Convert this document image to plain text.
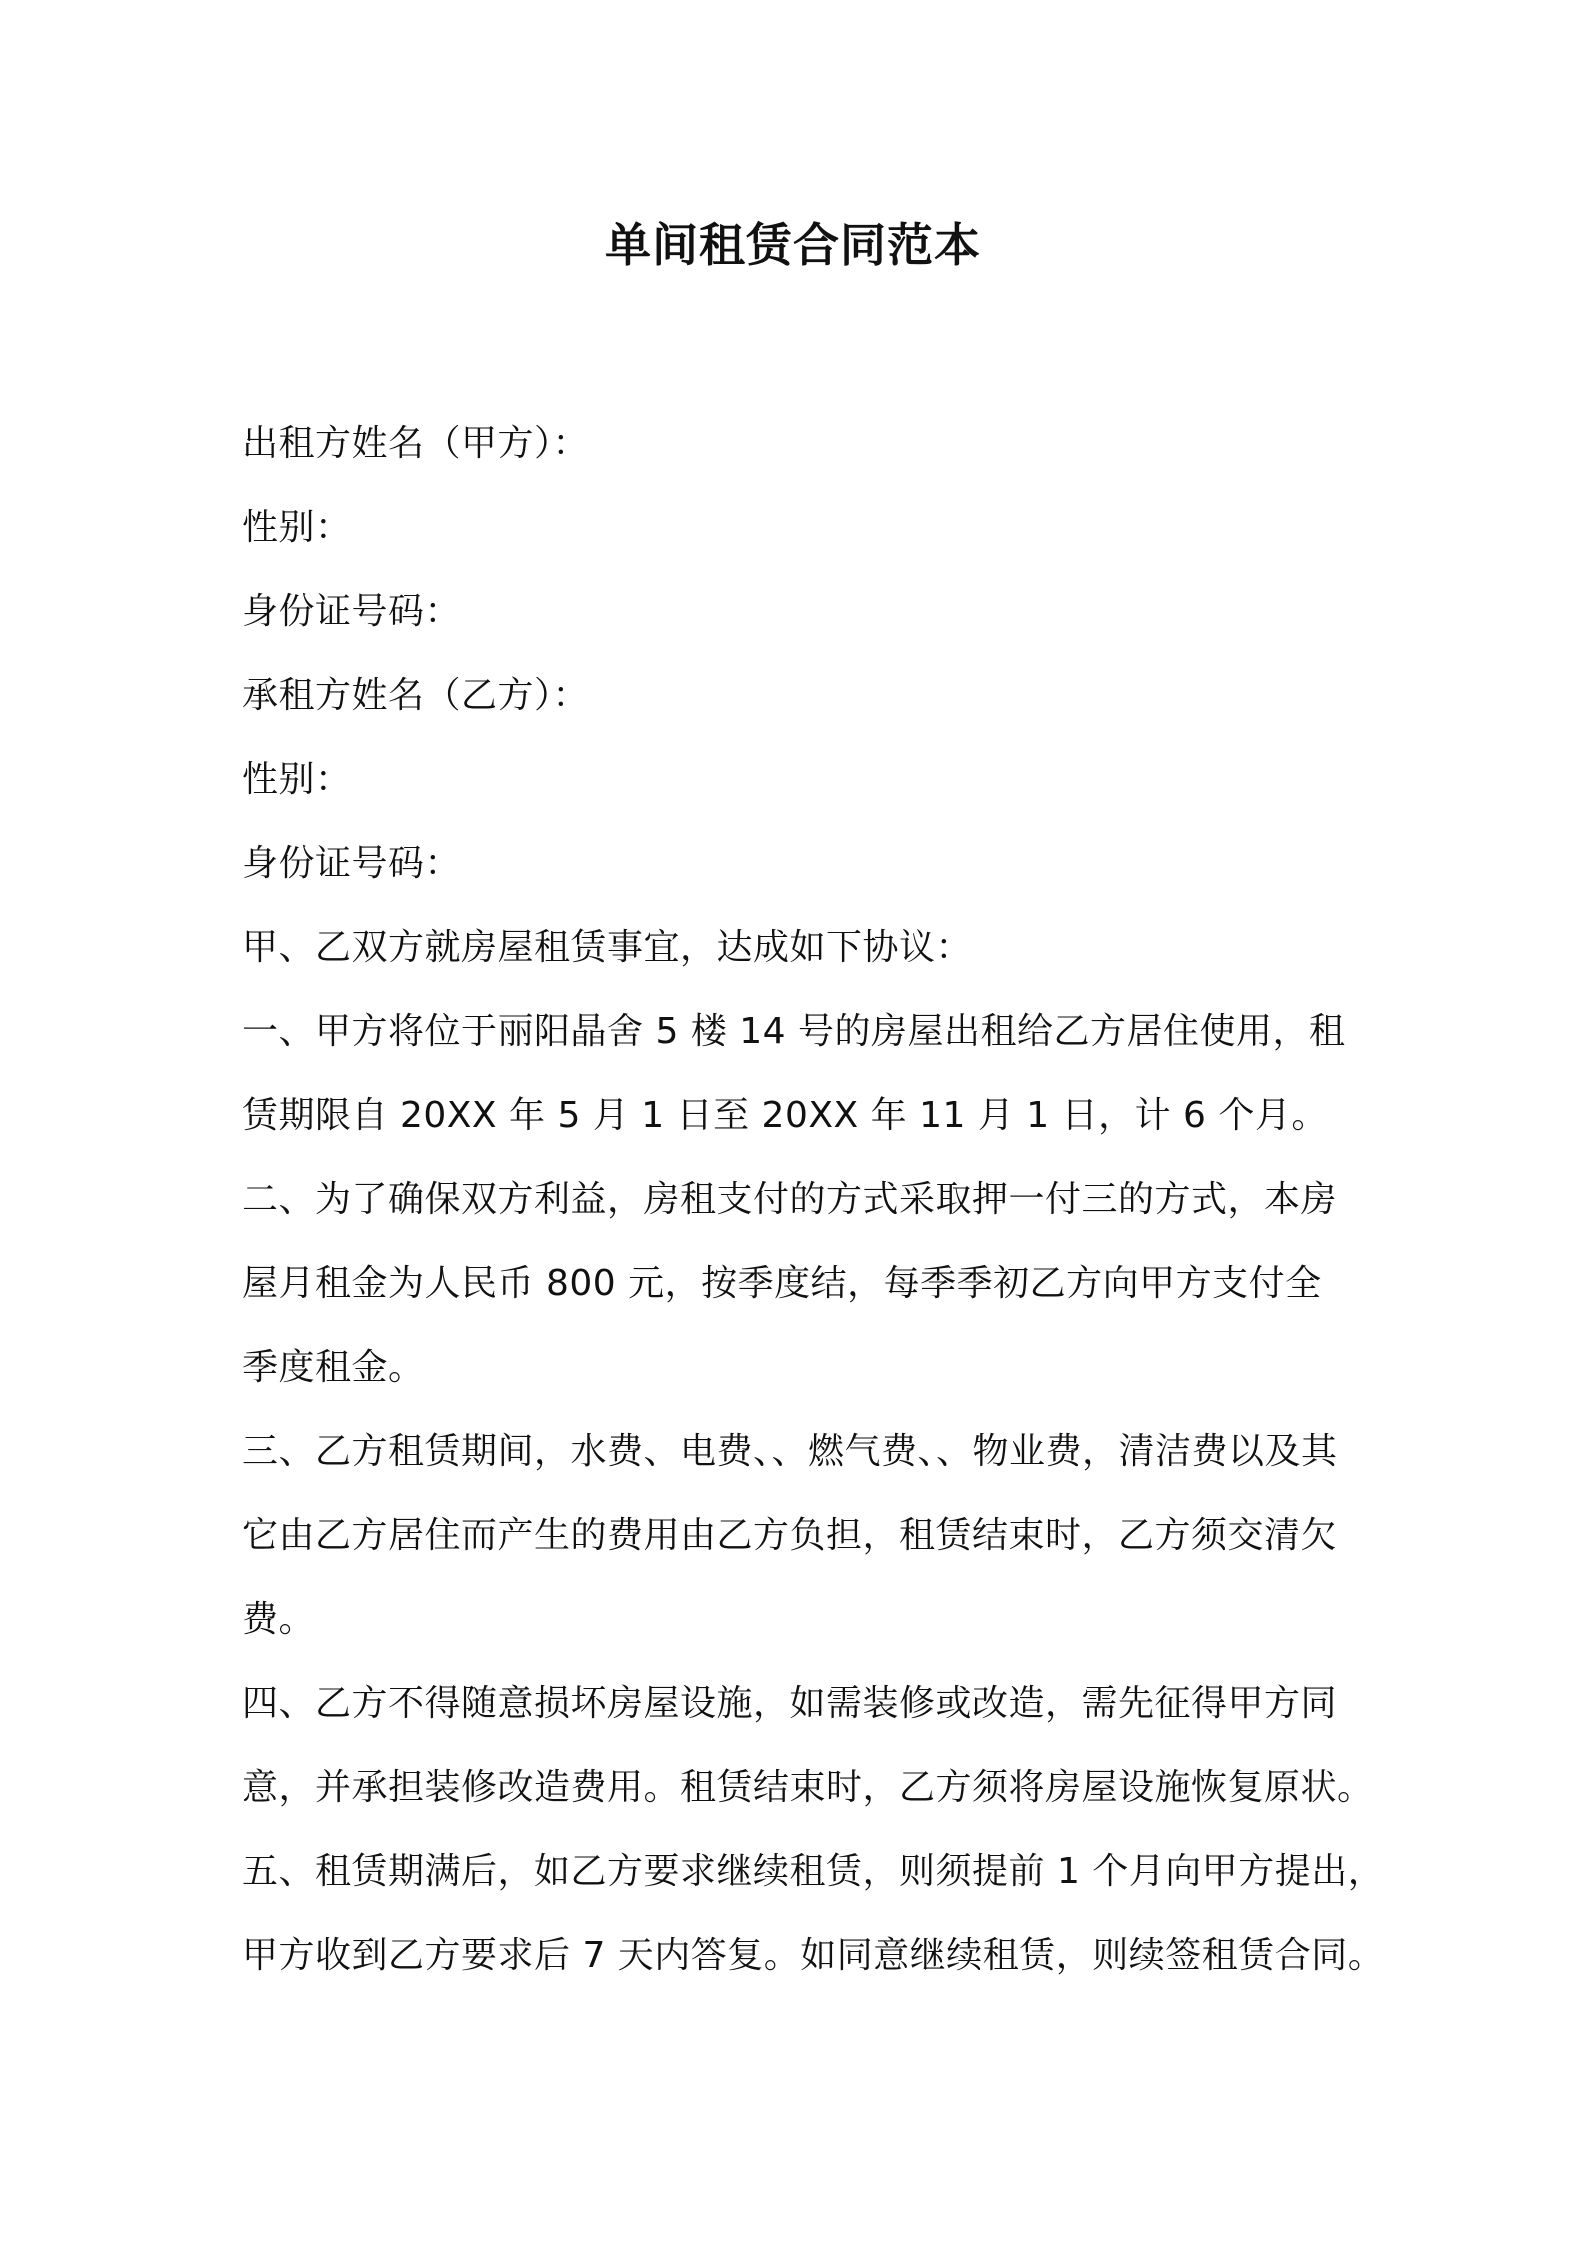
单间租赁合同范本

出租方姓名（甲方）：

性别：

身份证号码：

承租方姓名（乙方）：

性别：

身份证号码：

甲、乙双方就房屋租赁事宜，达成如下协议：

一、甲方将位于丽阳晶舍 5 楼 14 号的房屋出租给乙方居住使用，租

赁期限自 20XX 年 5 月 1 日至 20XX 年 11 月 1 日，计 6 个月。

二、为了确保双方利益，房租支付的方式采取押一付三的方式，本房

屋月租金为人民币 800 元，按季度结，每季季初乙方向甲方支付全

季度租金。

三、乙方租赁期间，水费、电费、、燃气费、、物业费，清洁费以及其

它由乙方居住而产生的费用由乙方负担，租赁结束时，乙方须交清欠

费。

四、乙方不得随意损坏房屋设施，如需装修或改造，需先征得甲方同

意，并承担装修改造费用。租赁结束时，乙方须将房屋设施恢复原状。

五、租赁期满后，如乙方要求继续租赁，则须提前 1 个月向甲方提出，

甲方收到乙方要求后 7 天内答复。如同意继续租赁，则续签租赁合同。
